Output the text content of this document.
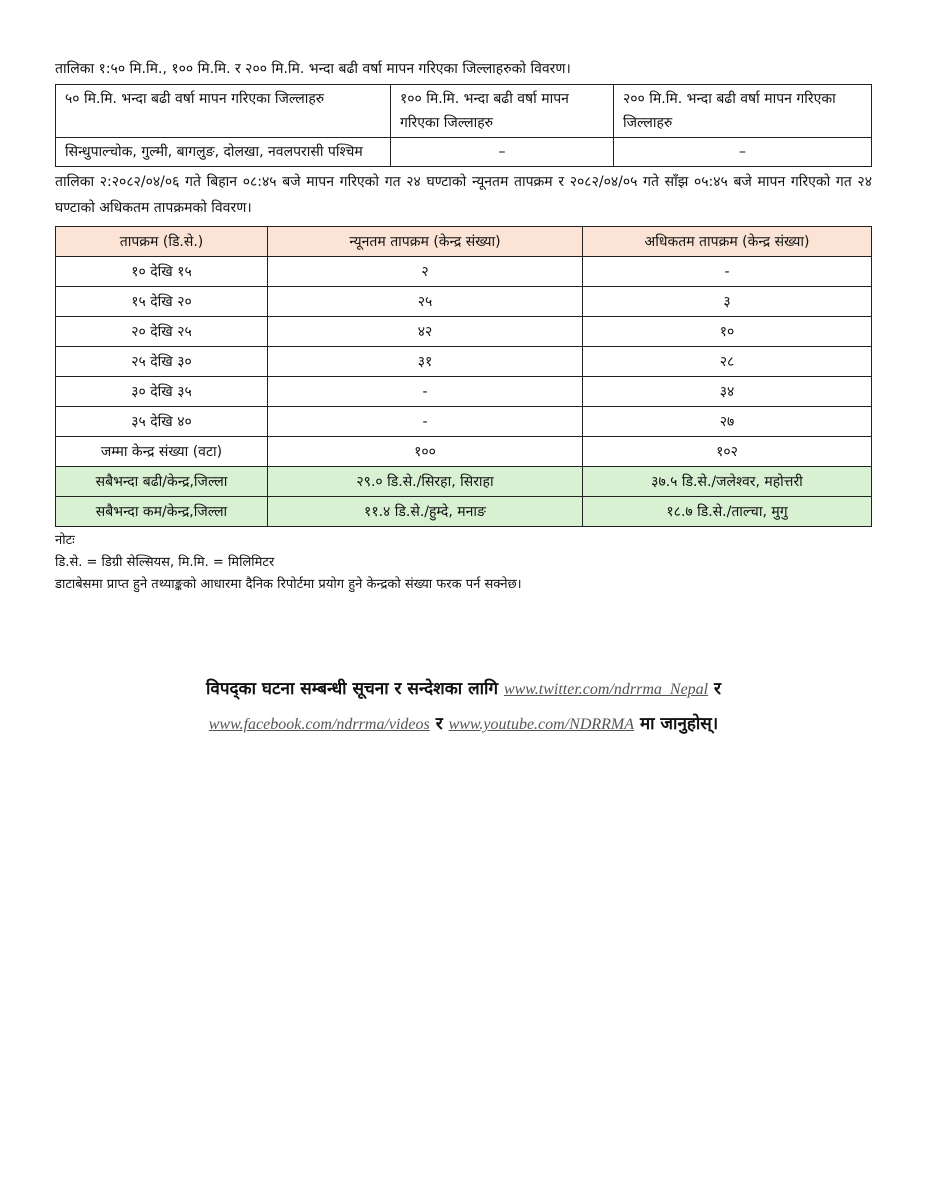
तालिका १:५० मि.मि., १०० मि.मि. र २०० मि.मि. भन्दा बढी वर्षा मापन गरिएका जिल्लाहरुको विवरण।

५० मि.मि. भन्दा बढी वर्षा मापन गरिएका जिल्लाहरु	१०० मि.मि. भन्दा बढी वर्षा मापन गरिएका जिल्लाहरु	२०० मि.मि. भन्दा बढी वर्षा मापन गरिएका जिल्लाहरु
सिन्धुपाल्चोक, गुल्मी, बागलुङ, दोलखा, नवलपरासी पश्चिम	–	–

तालिका २:२०८२/०४/०६ गते बिहान ०८:४५ बजे मापन गरिएको गत २४ घण्टाको न्यूनतम तापक्रम र २०८२/०४/०५ गते साँझ ०५:४५ बजे मापन गरिएको गत २४ घण्टाको अधिकतम तापक्रमको विवरण।

तापक्रम (डि.से.)	न्यूनतम तापक्रम (केन्द्र संख्या)	अधिकतम तापक्रम (केन्द्र संख्या)
१० देखि १५	२	-
१५ देखि २०	२५	३
२० देखि २५	४२	१०
२५ देखि ३०	३१	२८
३० देखि ३५	-	३४
३५ देखि ४०	-	२७
जम्मा केन्द्र संख्या (वटा)	१००	१०२
सबैभन्दा बढी/केन्द्र,जिल्ला	२९.० डि.से./सिरहा, सिराहा	३७.५ डि.से./जलेश्वर, महोत्तरी
सबैभन्दा कम/केन्द्र,जिल्ला	११.४ डि.से./हुम्दे, मनाङ	१८.७ डि.से./ताल्चा, मुगु
नोटः
डि.से. = डिग्री सेल्सियस, मि.मि. = मिलिमिटर
डाटाबेसमा प्राप्त हुने तथ्याङ्कको आधारमा दैनिक रिपोर्टमा प्रयोग हुने केन्द्रको संख्या फरक पर्न सक्नेछ।
विपद्का घटना सम्बन्धी सूचना र सन्देशका लागि www.twitter.com/ndrrma_Nepal र
www.facebook.com/ndrrma/videos र www.youtube.com/NDRRMA मा जानुहोस्।
